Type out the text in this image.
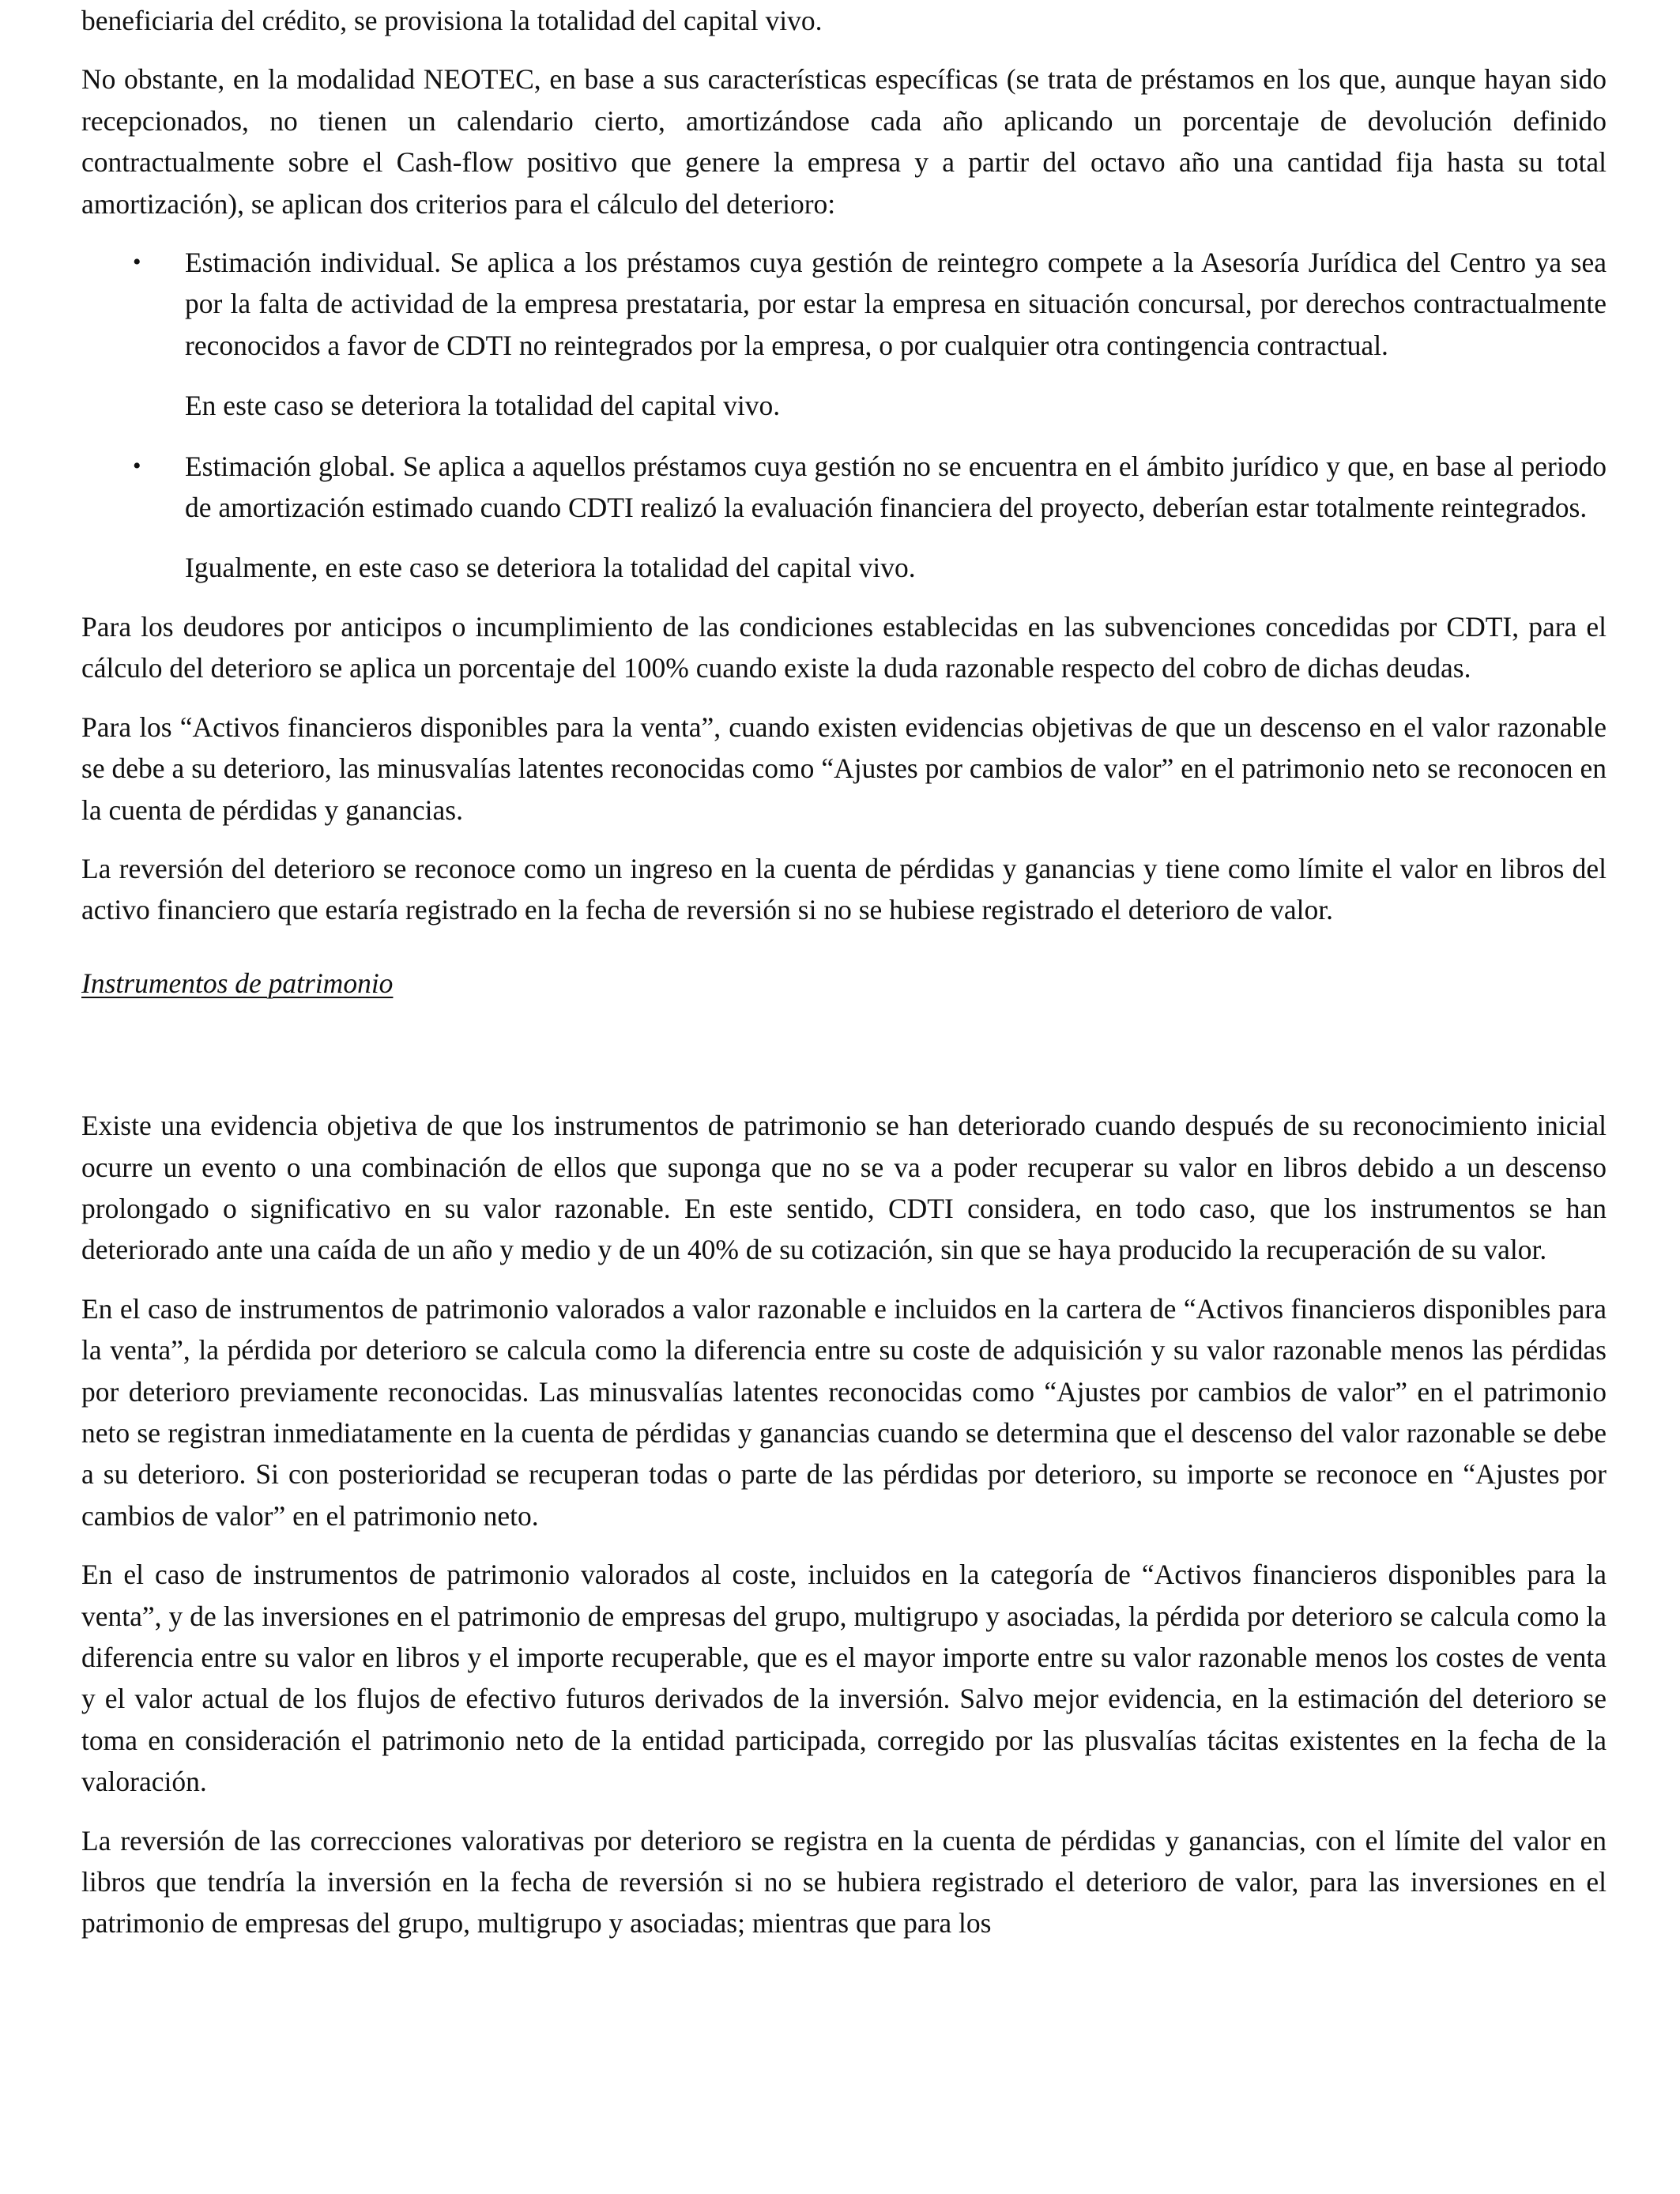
beneficiaria del crédito, se provisiona la totalidad del capital vivo.

No obstante, en la modalidad NEOTEC, en base a sus características específicas (se trata de préstamos en los que, aunque hayan sido recepcionados, no tienen un calendario cierto, amortizándose cada año aplicando un porcentaje de devolución definido contractualmente sobre el Cash-flow positivo que genere la empresa y a partir del octavo año una cantidad fija hasta su total amortización), se aplican dos criterios para el cálculo del deterioro:

• Estimación individual. Se aplica a los préstamos cuya gestión de reintegro compete a la Asesoría Jurídica del Centro ya sea por la falta de actividad de la empresa prestataria, por estar la empresa en situación concursal, por derechos contractualmente reconocidos a favor de CDTI no reintegrados por la empresa, o por cualquier otra contingencia contractual.

En este caso se deteriora la totalidad del capital vivo.

• Estimación global. Se aplica a aquellos préstamos cuya gestión no se encuentra en el ámbito jurídico y que, en base al periodo de amortización estimado cuando CDTI realizó la evaluación financiera del proyecto, deberían estar totalmente reintegrados.

Igualmente, en este caso se deteriora la totalidad del capital vivo.

Para los deudores por anticipos o incumplimiento de las condiciones establecidas en las subvenciones concedidas por CDTI, para el cálculo del deterioro se aplica un porcentaje del 100% cuando existe la duda razonable respecto del cobro de dichas deudas.

Para los “Activos financieros disponibles para la venta”, cuando existen evidencias objetivas de que un descenso en el valor razonable se debe a su deterioro, las minusvalías latentes reconocidas como “Ajustes por cambios de valor” en el patrimonio neto se reconocen en la cuenta de pérdidas y ganancias.

La reversión del deterioro se reconoce como un ingreso en la cuenta de pérdidas y ganancias y tiene como límite el valor en libros del activo financiero que estaría registrado en la fecha de reversión si no se hubiese registrado el deterioro de valor.

Instrumentos de patrimonio

Existe una evidencia objetiva de que los instrumentos de patrimonio se han deteriorado cuando después de su reconocimiento inicial ocurre un evento o una combinación de ellos que suponga que no se va a poder recuperar su valor en libros debido a un descenso prolongado o significativo en su valor razonable. En este sentido, CDTI considera, en todo caso, que los instrumentos se han deteriorado ante una caída de un año y medio y de un 40% de su cotización, sin que se haya producido la recuperación de su valor.

En el caso de instrumentos de patrimonio valorados a valor razonable e incluidos en la cartera de “Activos financieros disponibles para la venta”, la pérdida por deterioro se calcula como la diferencia entre su coste de adquisición y su valor razonable menos las pérdidas por deterioro previamente reconocidas. Las minusvalías latentes reconocidas como “Ajustes por cambios de valor” en el patrimonio neto se registran inmediatamente en la cuenta de pérdidas y ganancias cuando se determina que el descenso del valor razonable se debe a su deterioro. Si con posterioridad se recuperan todas o parte de las pérdidas por deterioro, su importe se reconoce en “Ajustes por cambios de valor” en el patrimonio neto.

En el caso de instrumentos de patrimonio valorados al coste, incluidos en la categoría de “Activos financieros disponibles para la venta”, y de las inversiones en el patrimonio de empresas del grupo, multigrupo y asociadas, la pérdida por deterioro se calcula como la diferencia entre su valor en libros y el importe recuperable, que es el mayor importe entre su valor razonable menos los costes de venta y el valor actual de los flujos de efectivo futuros derivados de la inversión. Salvo mejor evidencia, en la estimación del deterioro se toma en consideración el patrimonio neto de la entidad participada, corregido por las plusvalías tácitas existentes en la fecha de la valoración.

La reversión de las correcciones valorativas por deterioro se registra en la cuenta de pérdidas y ganancias, con el límite del valor en libros que tendría la inversión en la fecha de reversión si no se hubiera registrado el deterioro de valor, para las inversiones en el patrimonio de empresas del grupo, multigrupo y asociadas; mientras que para los
